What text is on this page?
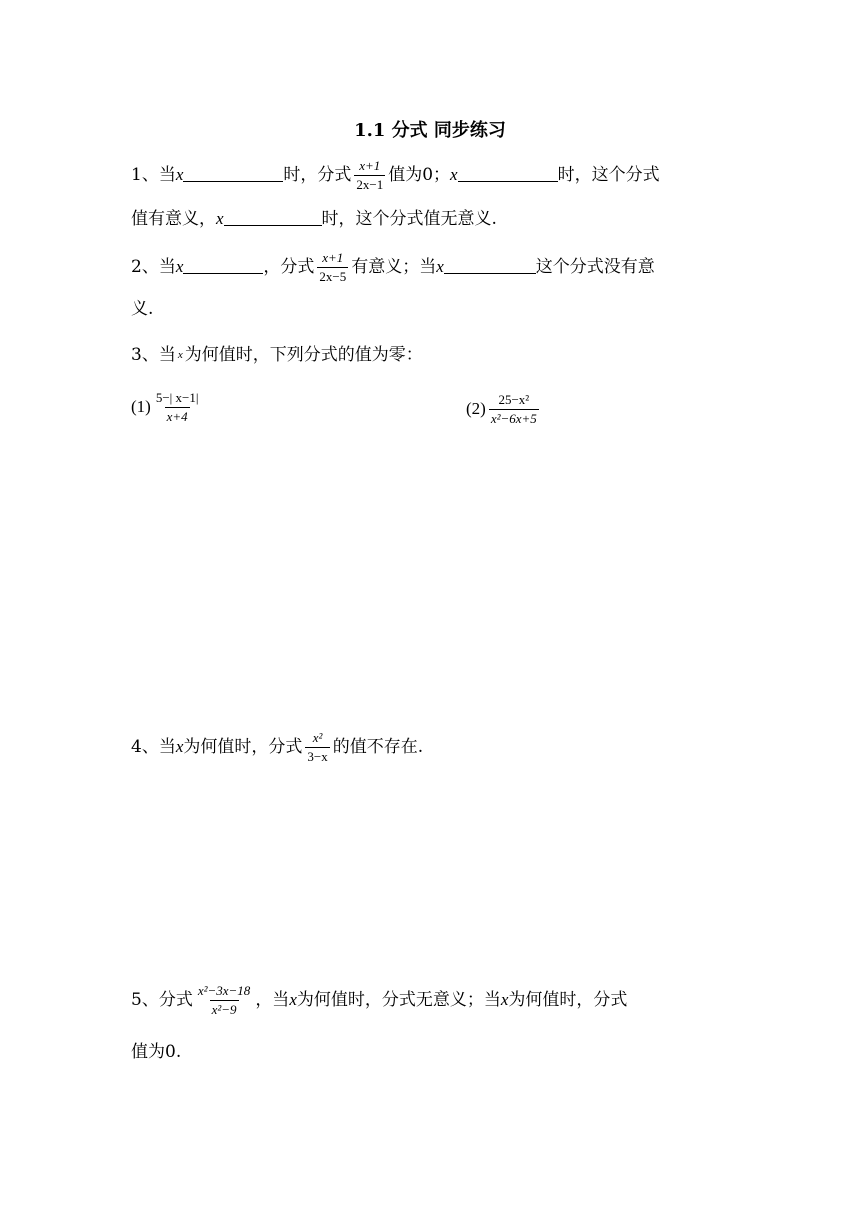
1.1 分式 同步练习
1、当x	时，分式 $\frac{x+1}{2x-1}$ 值为0；x	时，这个分式
值有意义，x	时，这个分式值无意义.
2、当x	，分式 $\frac{x+1}{2x-5}$ 有意义；当x	这个分式没有意
义.
3、当 x 为何值时，下列分式的值为零：
$(1) \frac{5-| x-1|}{x+4}$	$(2) \frac{\text{25−x²}}{\text{x²−6x+5}}$
4、当x为何值时，分式 $\frac{\text{x²}}{3-x}$ 的值不存在.
5、分式 $\frac{\text{x²−3x−18}}{\text{x²−9}}$ ，当x为何值时，分式无意义；当x为何值时，分式
值为0.
